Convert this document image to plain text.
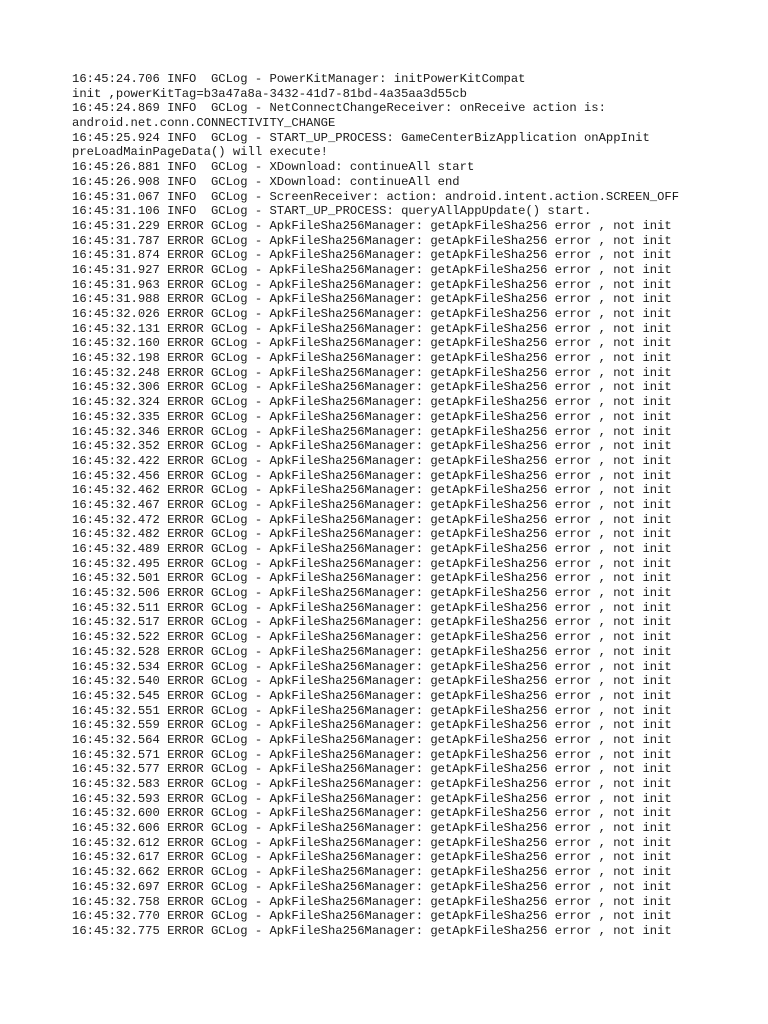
16:45:24.706 INFO  GCLog - PowerKitManager: initPowerKitCompat
init ,powerKitTag=b3a47a8a-3432-41d7-81bd-4a35aa3d55cb
16:45:24.869 INFO  GCLog - NetConnectChangeReceiver: onReceive action is:
android.net.conn.CONNECTIVITY_CHANGE
16:45:25.924 INFO  GCLog - START_UP_PROCESS: GameCenterBizApplication onAppInit
preLoadMainPageData() will execute!
16:45:26.881 INFO  GCLog - XDownload: continueAll start
16:45:26.908 INFO  GCLog - XDownload: continueAll end
16:45:31.067 INFO  GCLog - ScreenReceiver: action: android.intent.action.SCREEN_OFF
16:45:31.106 INFO  GCLog - START_UP_PROCESS: queryAllAppUpdate() start.
16:45:31.229 ERROR GCLog - ApkFileSha256Manager: getApkFileSha256 error , not init
16:45:31.787 ERROR GCLog - ApkFileSha256Manager: getApkFileSha256 error , not init
16:45:31.874 ERROR GCLog - ApkFileSha256Manager: getApkFileSha256 error , not init
16:45:31.927 ERROR GCLog - ApkFileSha256Manager: getApkFileSha256 error , not init
16:45:31.963 ERROR GCLog - ApkFileSha256Manager: getApkFileSha256 error , not init
16:45:31.988 ERROR GCLog - ApkFileSha256Manager: getApkFileSha256 error , not init
16:45:32.026 ERROR GCLog - ApkFileSha256Manager: getApkFileSha256 error , not init
16:45:32.131 ERROR GCLog - ApkFileSha256Manager: getApkFileSha256 error , not init
16:45:32.160 ERROR GCLog - ApkFileSha256Manager: getApkFileSha256 error , not init
16:45:32.198 ERROR GCLog - ApkFileSha256Manager: getApkFileSha256 error , not init
16:45:32.248 ERROR GCLog - ApkFileSha256Manager: getApkFileSha256 error , not init
16:45:32.306 ERROR GCLog - ApkFileSha256Manager: getApkFileSha256 error , not init
16:45:32.324 ERROR GCLog - ApkFileSha256Manager: getApkFileSha256 error , not init
16:45:32.335 ERROR GCLog - ApkFileSha256Manager: getApkFileSha256 error , not init
16:45:32.346 ERROR GCLog - ApkFileSha256Manager: getApkFileSha256 error , not init
16:45:32.352 ERROR GCLog - ApkFileSha256Manager: getApkFileSha256 error , not init
16:45:32.422 ERROR GCLog - ApkFileSha256Manager: getApkFileSha256 error , not init
16:45:32.456 ERROR GCLog - ApkFileSha256Manager: getApkFileSha256 error , not init
16:45:32.462 ERROR GCLog - ApkFileSha256Manager: getApkFileSha256 error , not init
16:45:32.467 ERROR GCLog - ApkFileSha256Manager: getApkFileSha256 error , not init
16:45:32.472 ERROR GCLog - ApkFileSha256Manager: getApkFileSha256 error , not init
16:45:32.482 ERROR GCLog - ApkFileSha256Manager: getApkFileSha256 error , not init
16:45:32.489 ERROR GCLog - ApkFileSha256Manager: getApkFileSha256 error , not init
16:45:32.495 ERROR GCLog - ApkFileSha256Manager: getApkFileSha256 error , not init
16:45:32.501 ERROR GCLog - ApkFileSha256Manager: getApkFileSha256 error , not init
16:45:32.506 ERROR GCLog - ApkFileSha256Manager: getApkFileSha256 error , not init
16:45:32.511 ERROR GCLog - ApkFileSha256Manager: getApkFileSha256 error , not init
16:45:32.517 ERROR GCLog - ApkFileSha256Manager: getApkFileSha256 error , not init
16:45:32.522 ERROR GCLog - ApkFileSha256Manager: getApkFileSha256 error , not init
16:45:32.528 ERROR GCLog - ApkFileSha256Manager: getApkFileSha256 error , not init
16:45:32.534 ERROR GCLog - ApkFileSha256Manager: getApkFileSha256 error , not init
16:45:32.540 ERROR GCLog - ApkFileSha256Manager: getApkFileSha256 error , not init
16:45:32.545 ERROR GCLog - ApkFileSha256Manager: getApkFileSha256 error , not init
16:45:32.551 ERROR GCLog - ApkFileSha256Manager: getApkFileSha256 error , not init
16:45:32.559 ERROR GCLog - ApkFileSha256Manager: getApkFileSha256 error , not init
16:45:32.564 ERROR GCLog - ApkFileSha256Manager: getApkFileSha256 error , not init
16:45:32.571 ERROR GCLog - ApkFileSha256Manager: getApkFileSha256 error , not init
16:45:32.577 ERROR GCLog - ApkFileSha256Manager: getApkFileSha256 error , not init
16:45:32.583 ERROR GCLog - ApkFileSha256Manager: getApkFileSha256 error , not init
16:45:32.593 ERROR GCLog - ApkFileSha256Manager: getApkFileSha256 error , not init
16:45:32.600 ERROR GCLog - ApkFileSha256Manager: getApkFileSha256 error , not init
16:45:32.606 ERROR GCLog - ApkFileSha256Manager: getApkFileSha256 error , not init
16:45:32.612 ERROR GCLog - ApkFileSha256Manager: getApkFileSha256 error , not init
16:45:32.617 ERROR GCLog - ApkFileSha256Manager: getApkFileSha256 error , not init
16:45:32.662 ERROR GCLog - ApkFileSha256Manager: getApkFileSha256 error , not init
16:45:32.697 ERROR GCLog - ApkFileSha256Manager: getApkFileSha256 error , not init
16:45:32.758 ERROR GCLog - ApkFileSha256Manager: getApkFileSha256 error , not init
16:45:32.770 ERROR GCLog - ApkFileSha256Manager: getApkFileSha256 error , not init
16:45:32.775 ERROR GCLog - ApkFileSha256Manager: getApkFileSha256 error , not init
